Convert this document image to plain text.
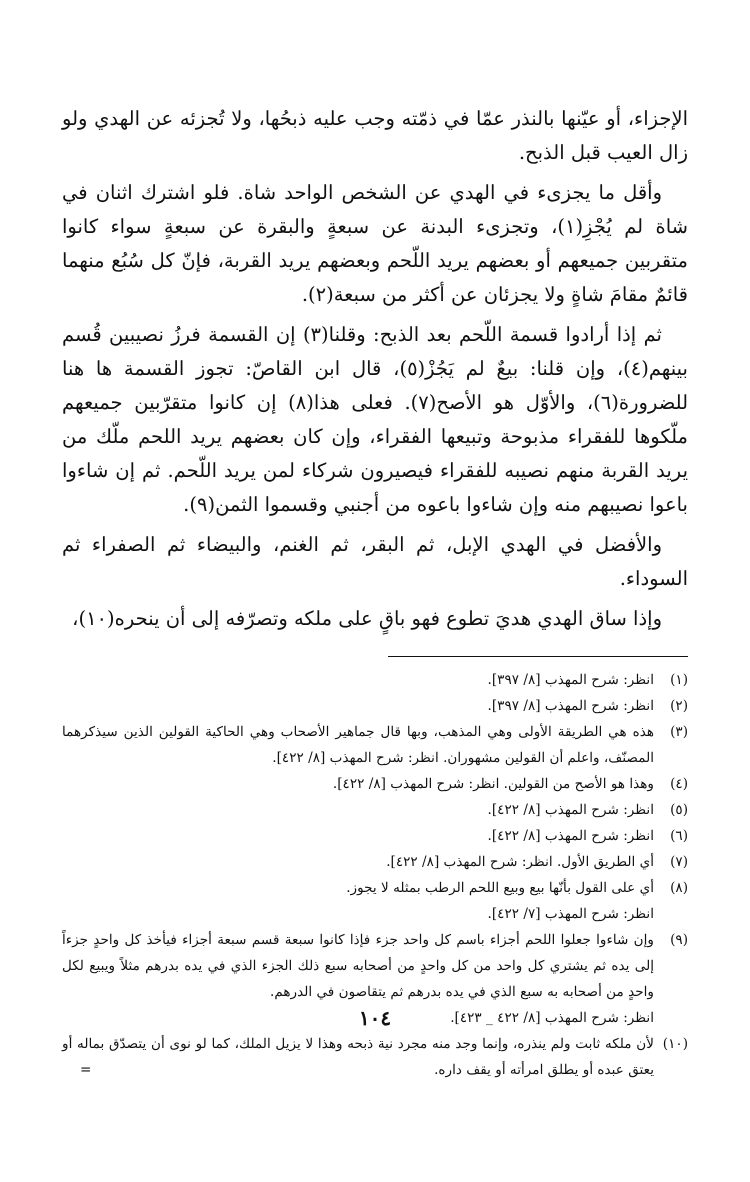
الإجزاء، أو عيّنها بالنذر عمّا في ذمّته وجب عليه ذبحُها، ولا تُجزئه عن الهدي ولو زال العيب قبل الذبح.

وأقل ما يجزىء في الهدي عن الشخص الواحد شاة. فلو اشترك اثنان في شاة لم يُجْزِ(١)، وتجزىء البدنة عن سبعةٍ والبقرة عن سبعةٍ سواء كانوا متقربين جميعهم أو بعضهم يريد اللّحم وبعضهم يريد القربة، فإنّ كل سُبُع منهما قائمٌ مقامَ شاةٍ ولا يجزئان عن أكثر من سبعة(٢).

ثم إذا أرادوا قسمة اللّحم بعد الذبح: وقلنا(٣) إن القسمة فرزُ نصيبين قُسم بينهم(٤)، وإن قلنا: بيعٌ لم يَجُزْ(٥)، قال ابن القاصّ: تجوز القسمة ها هنا للضرورة(٦)، والأوّل هو الأصح(٧). فعلى هذا(٨) إن كانوا متقرّبين جميعهم ملّكوها للفقراء مذبوحة وتبيعها الفقراء، وإن كان بعضهم يريد اللحم ملّك من يريد القربة منهم نصيبه للفقراء فيصيرون شركاء لمن يريد اللّحم. ثم إن شاءوا باعوا نصيبهم منه وإن شاءوا باعوه من أجنبي وقسموا الثمن(٩).

والأفضل في الهدي الإبل، ثم البقر، ثم الغنم، والبيضاء ثم الصفراء ثم السوداء.

وإذا ساق الهدي هديَ تطوع فهو باقٍ على ملكه وتصرّفه إلى أن ينحره(١٠)،

(١)
انظر: شرح المهذب [٨/ ٣٩٧].
(٢)
انظر: شرح المهذب [٨/ ٣٩٧].
(٣)
هذه هي الطريقة الأولى وهي المذهب، وبها قال جماهير الأصحاب وهي الحاكية القولين الذين سيذكرهما المصنّف، واعلم أن القولين مشهوران. انظر: شرح المهذب [٨/ ٤٢٢].
(٤)
وهذا هو الأصح من القولين. انظر: شرح المهذب [٨/ ٤٢٢].
(٥)
انظر: شرح المهذب [٨/ ٤٢٢].
(٦)
انظر: شرح المهذب [٨/ ٤٢٢].
(٧)
أي الطريق الأول. انظر: شرح المهذب [٨/ ٤٢٢].
(٨)
أي على القول بأنّها بيع وبيع اللحم الرطب بمثله لا يجوز.
انظر: شرح المهذب [٧/ ٤٢٢].
(٩)
وإن شاءوا جعلوا اللحم أجزاء باسم كل واحد جزء فإذا كانوا سبعة قسم سبعة أجزاء فيأخذ كل واحدٍ جزءاً إلى يده ثم يشتري كل واحد من كل واحدٍ من أصحابه سبع ذلك الجزء الذي في يده بدرهم مثلاً ويبيع لكل واحدٍ من أصحابه به سبع الذي في يده بدرهم ثم يتقاصون في الدرهم.
انظر: شرح المهذب [٨/ ٤٢٢ _ ٤٢٣].
(١٠)
لأن ملكه ثابت ولم ينذره، وإنما وجد منه مجرد نية ذبحه وهذا لا يزيل الملك، كما لو نوى أن يتصدّق بماله أو يعتق عبده أو يطلق امرأته أو يقف داره.
=
١٠٤
